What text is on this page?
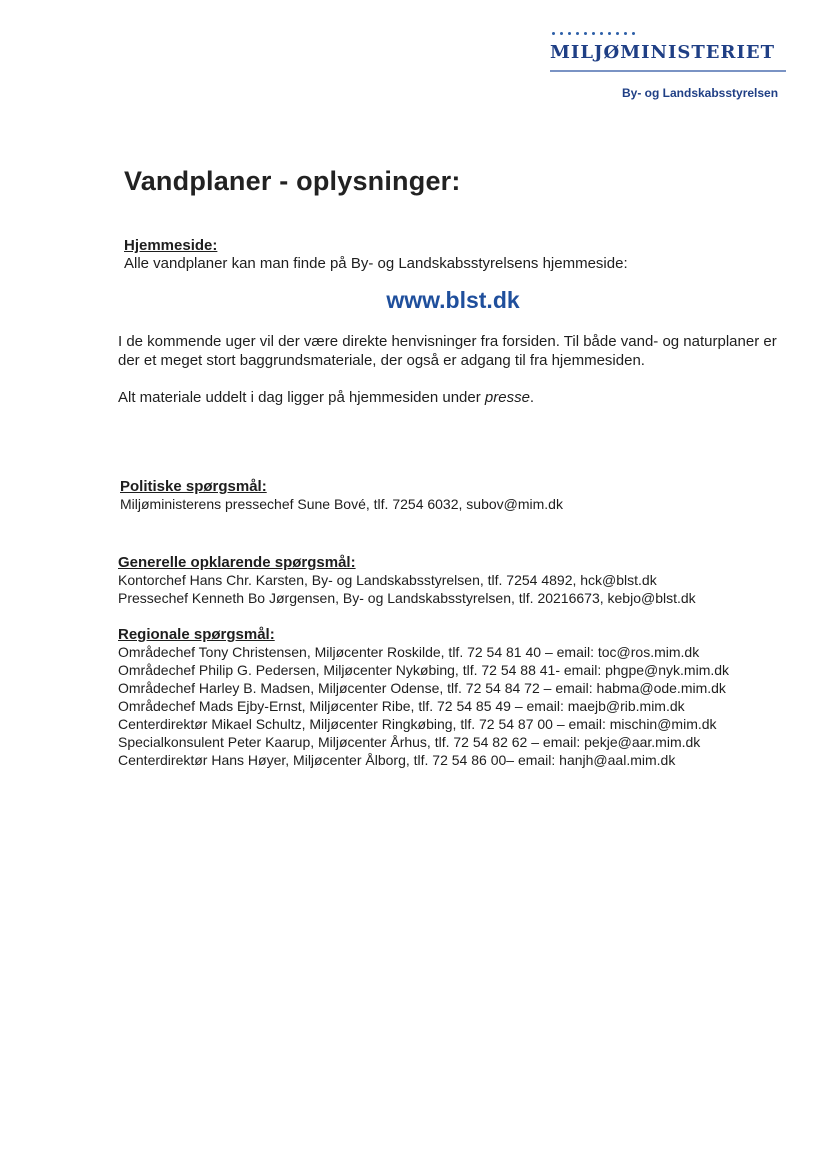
MILJØMINISTERIET
By- og Landskabsstyrelsen
Vandplaner - oplysninger:

Hjemmeside:

Alle vandplaner kan man finde på By- og Landskabsstyrelsens hjemmeside:

www.blst.dk

I de kommende uger vil der være direkte henvisninger fra forsiden. Til både vand- og naturplaner er der et meget stort baggrundsmateriale, der også er adgang til fra hjemmesiden.

Alt materiale uddelt i dag ligger på hjemmesiden under presse.

Politiske spørgsmål:

Miljøministerens pressechef Sune Bové, tlf. 7254 6032, subov@mim.dk

Generelle opklarende spørgsmål:

Kontorchef Hans Chr. Karsten, By- og Landskabsstyrelsen, tlf. 7254 4892, hck@blst.dk

Pressechef Kenneth Bo Jørgensen, By- og Landskabsstyrelsen, tlf. 20216673, kebjo@blst.dk

Regionale spørgsmål:

Områdechef Tony Christensen, Miljøcenter Roskilde, tlf. 72 54 81 40 – email: toc@ros.mim.dk

Områdechef Philip G. Pedersen, Miljøcenter Nykøbing, tlf. 72 54 88 41- email: phgpe@nyk.mim.dk

Områdechef Harley B. Madsen, Miljøcenter Odense, tlf. 72 54 84 72 – email: habma@ode.mim.dk

Områdechef Mads Ejby-Ernst, Miljøcenter Ribe, tlf. 72 54 85 49 – email: maejb@rib.mim.dk

Centerdirektør Mikael Schultz, Miljøcenter Ringkøbing, tlf. 72 54 87 00 – email: mischin@mim.dk

Specialkonsulent Peter Kaarup, Miljøcenter Århus, tlf. 72 54 82 62 – email: pekje@aar.mim.dk

Centerdirektør Hans Høyer, Miljøcenter Ålborg, tlf. 72 54 86 00– email: hanjh@aal.mim.dk
